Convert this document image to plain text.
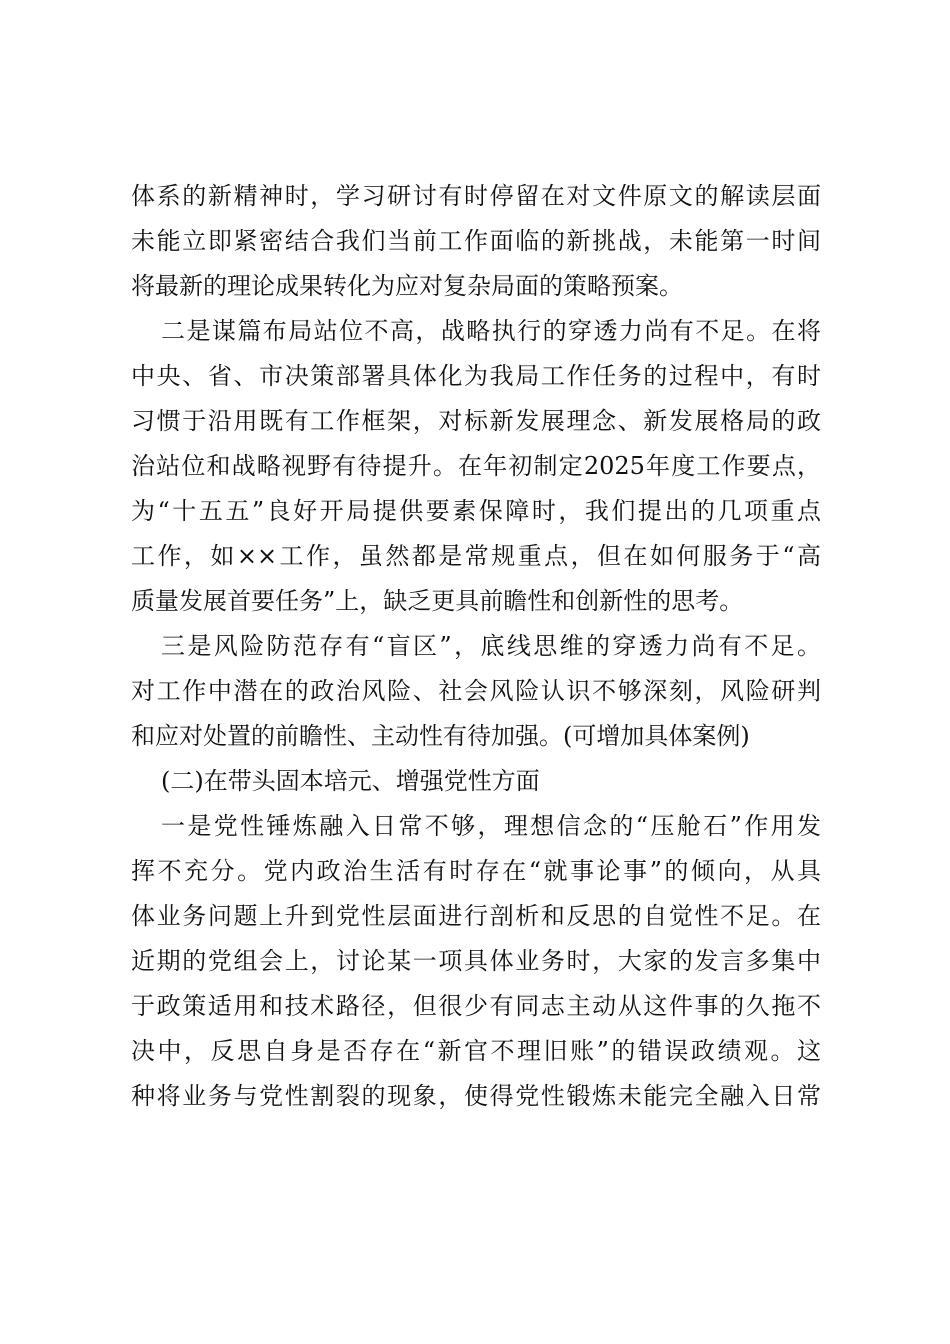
体系的新精神时，学习研讨有时停留在对文件原文的解读层面
未能立即紧密结合我们当前工作面临的新挑战，未能第一时间
将最新的理论成果转化为应对复杂局面的策略预案。
二是谋篇布局站位不高，战略执行的穿透力尚有不足。在将
中央、省、市决策部署具体化为我局工作任务的过程中，有时
习惯于沿用既有工作框架，对标新发展理念、新发展格局的政
治站位和战略视野有待提升。在年初制定2025年度工作要点，
为“十五五”良好开局提供要素保障时，我们提出的几项重点
工作，如××工作，虽然都是常规重点，但在如何服务于“高
质量发展首要任务”上，缺乏更具前瞻性和创新性的思考。
三是风险防范存有“盲区”，底线思维的穿透力尚有不足。
对工作中潜在的政治风险、社会风险认识不够深刻，风险研判
和应对处置的前瞻性、主动性有待加强。(可增加具体案例)
(二)在带头固本培元、增强党性方面
一是党性锤炼融入日常不够，理想信念的“压舱石”作用发
挥不充分。党内政治生活有时存在“就事论事”的倾向，从具
体业务问题上升到党性层面进行剖析和反思的自觉性不足。在
近期的党组会上，讨论某一项具体业务时，大家的发言多集中
于政策适用和技术路径，但很少有同志主动从这件事的久拖不
决中，反思自身是否存在“新官不理旧账”的错误政绩观。这
种将业务与党性割裂的现象，使得党性锻炼未能完全融入日常
